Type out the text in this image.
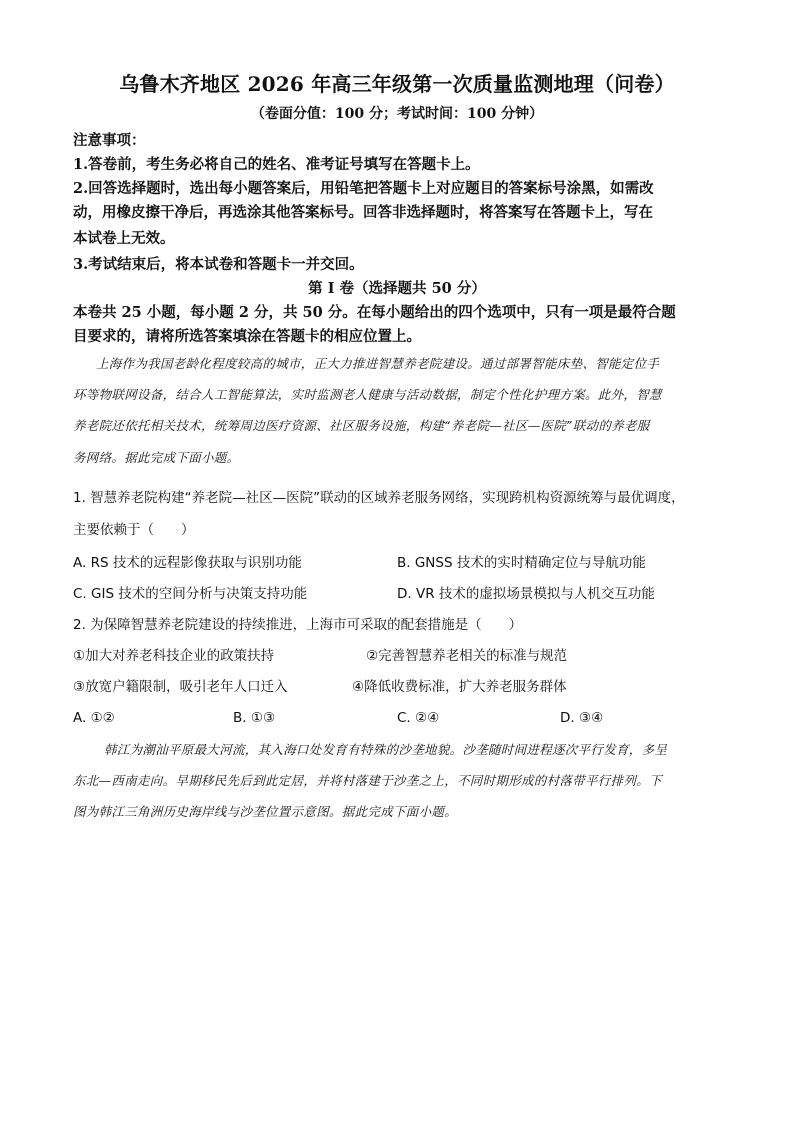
乌鲁木齐地区 2026 年高三年级第一次质量监测地理（问卷）
（卷面分值：100 分；考试时间：100 分钟）
注意事项：
1.答卷前，考生务必将自己的姓名、准考证号填写在答题卡上。
2.回答选择题时，选出每小题答案后，用铅笔把答题卡上对应题目的答案标号涂黑，如需改
动，用橡皮擦干净后，再选涂其他答案标号。回答非选择题时，将答案写在答题卡上，写在
本试卷上无效。
3.考试结束后，将本试卷和答题卡一并交回。
第 I 卷（选择题共 50 分）
本卷共 25 小题，每小题 2 分，共 50 分。在每小题给出的四个选项中，只有一项是最符合题
目要求的，请将所选答案填涂在答题卡的相应位置上。
上海作为我国老龄化程度较高的城市，正大力推进智慧养老院建设。通过部署智能床垫、智能定位手
环等物联网设备，结合人工智能算法，实时监测老人健康与活动数据，制定个性化护理方案。此外，智慧
养老院还依托相关技术，统筹周边医疗资源、社区服务设施，构建“养老院—社区—医院”联动的养老服
务网络。据此完成下面小题。
1. 智慧养老院构建“养老院—社区—医院”联动的区域养老服务网络，实现跨机构资源统筹与最优调度，
主要依赖于（　　）
A. RS 技术的远程影像获取与识别功能	B. GNSS 技术的实时精确定位与导航功能
C. GIS 技术的空间分析与决策支持功能	D. VR 技术的虚拟场景模拟与人机交互功能
2. 为保障智慧养老院建设的持续推进，上海市可采取的配套措施是（　　）
①加大对养老科技企业的政策扶持	②完善智慧养老相关的标准与规范
③放宽户籍限制，吸引老年人口迁入	④降低收费标准，扩大养老服务群体
A. ①②	B. ①③	C. ②④	D. ③④
韩江为潮汕平原最大河流，其入海口处发育有特殊的沙垄地貌。沙垄随时间进程逐次平行发育，多呈
东北—西南走向。早期移民先后到此定居，并将村落建于沙垄之上，不同时期形成的村落带平行排列。下
图为韩江三角洲历史海岸线与沙垄位置示意图。据此完成下面小题。
